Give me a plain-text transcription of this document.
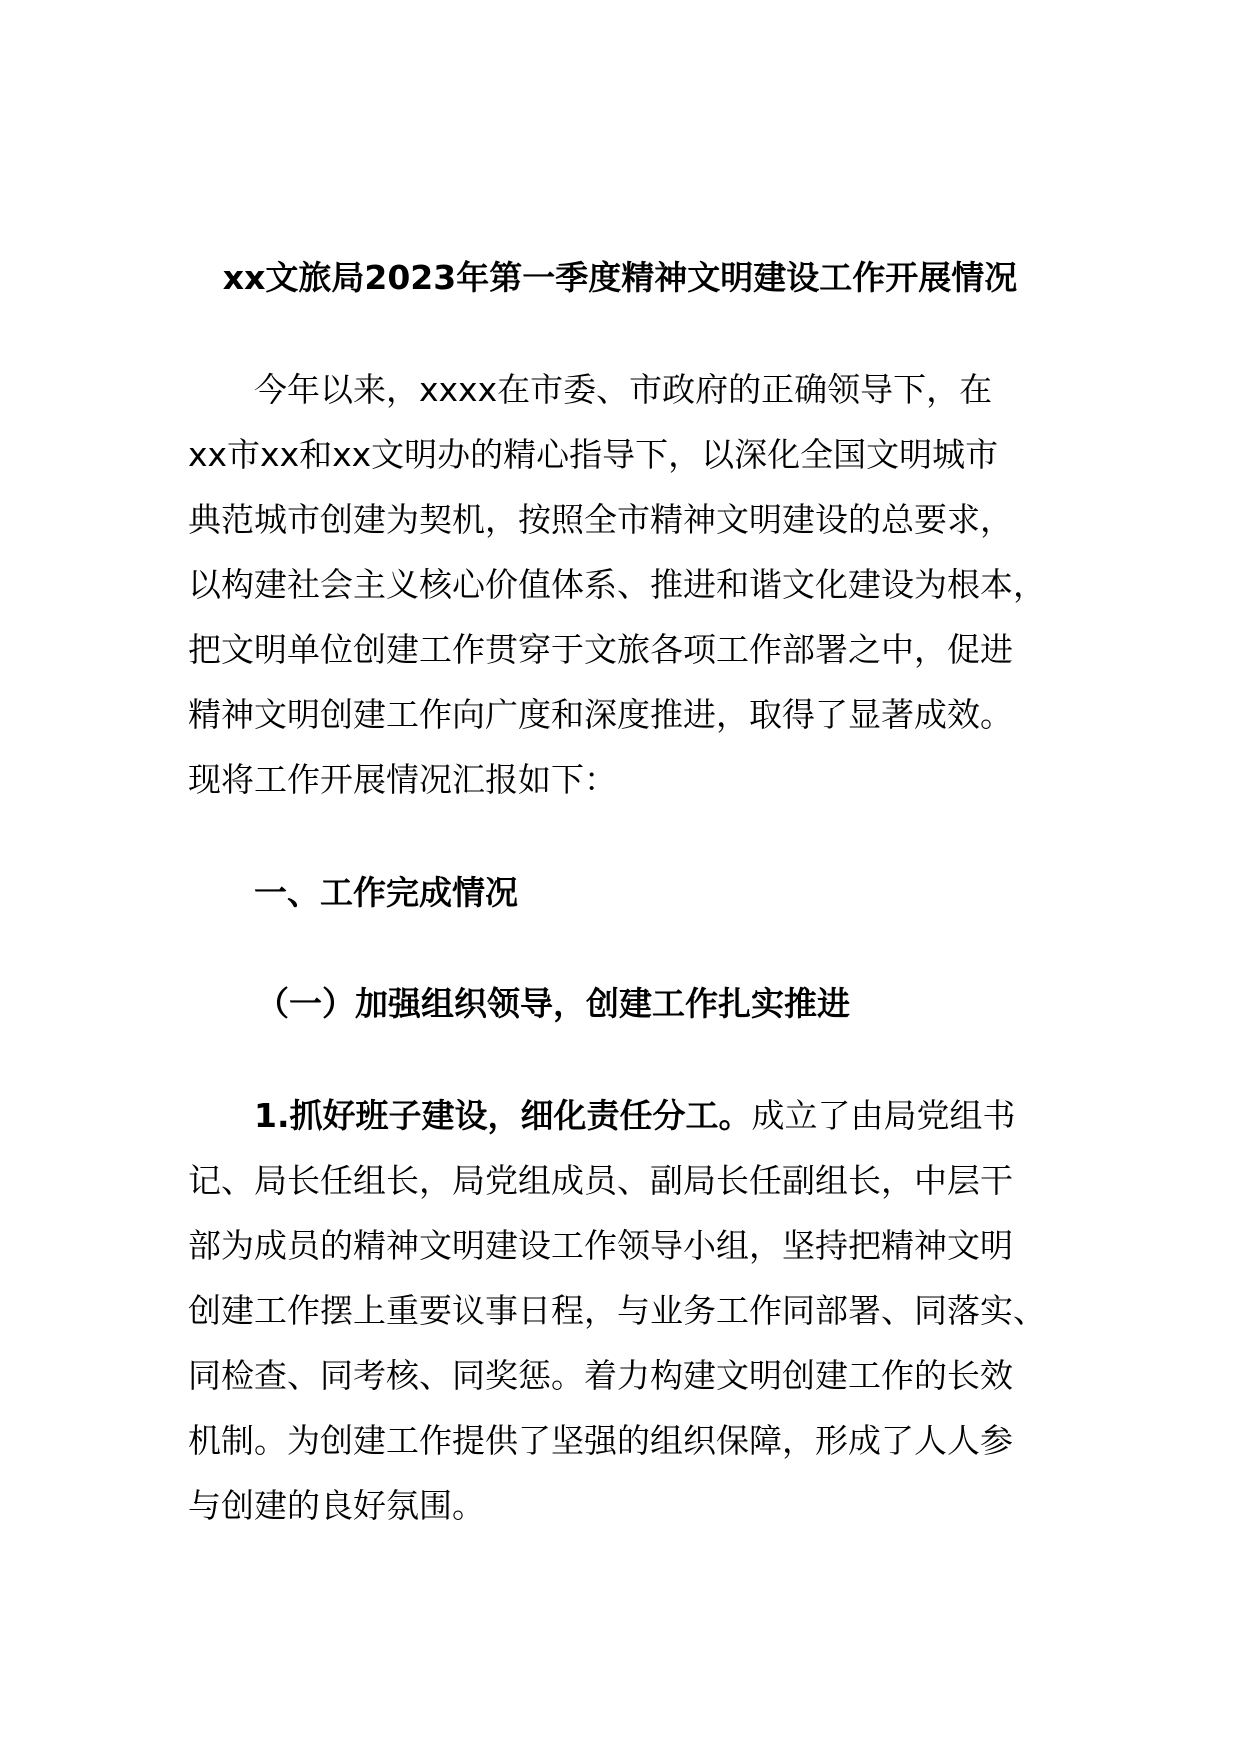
xx文旅局2023年第一季度精神文明建设工作开展情况
今年以来，xxxx在市委、市政府的正确领导下，在
xx市xx和xx文明办的精心指导下，以深化全国文明城市
典范城市创建为契机，按照全市精神文明建设的总要求，
以构建社会主义核心价值体系、推进和谐文化建设为根本，
把文明单位创建工作贯穿于文旅各项工作部署之中，促进
精神文明创建工作向广度和深度推进，取得了显著成效。
现将工作开展情况汇报如下：
一、工作完成情况
（一）加强组织领导，创建工作扎实推进
1.抓好班子建设，细化责任分工。成立了由局党组书
记、局长任组长，局党组成员、副局长任副组长，中层干
部为成员的精神文明建设工作领导小组，坚持把精神文明
创建工作摆上重要议事日程，与业务工作同部署、同落实、
同检查、同考核、同奖惩。着力构建文明创建工作的长效
机制。为创建工作提供了坚强的组织保障，形成了人人参
与创建的良好氛围。
